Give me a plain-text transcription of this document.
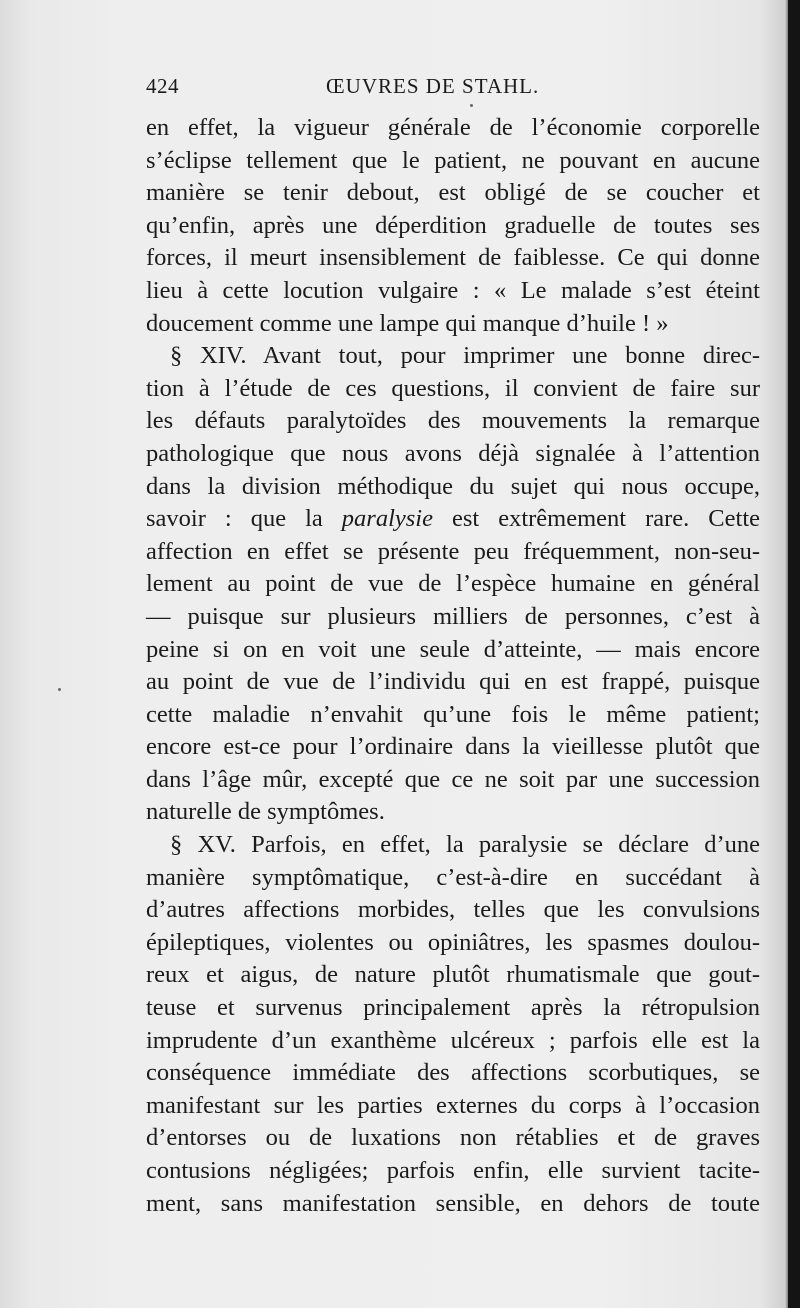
424	ŒUVRES DE STAHL.
en effet, la vigueur générale de l’économie corporelle
s’éclipse tellement que le patient, ne pouvant en aucune
manière se tenir debout, est obligé de se coucher et
qu’enfin, après une déperdition graduelle de toutes ses
forces, il meurt insensiblement de faiblesse. Ce qui donne
lieu à cette locution vulgaire : « Le malade s’est éteint
doucement comme une lampe qui manque d’huile ! »
§ XIV. Avant tout, pour imprimer une bonne direc-
tion à l’étude de ces questions, il convient de faire sur
les défauts paralytoïdes des mouvements la remarque
pathologique que nous avons déjà signalée à l’attention
dans la division méthodique du sujet qui nous occupe,
savoir : que la paralysie est extrêmement rare. Cette
affection en effet se présente peu fréquemment, non-seu-
lement au point de vue de l’espèce humaine en général
— puisque sur plusieurs milliers de personnes, c’est à
peine si on en voit une seule d’atteinte, — mais encore
au point de vue de l’individu qui en est frappé, puisque
cette maladie n’envahit qu’une fois le même patient;
encore est-ce pour l’ordinaire dans la vieillesse plutôt que
dans l’âge mûr, excepté que ce ne soit par une succession
naturelle de symptômes.
§ XV. Parfois, en effet, la paralysie se déclare d’une
manière symptômatique, c’est-à-dire en succédant à
d’autres affections morbides, telles que les convulsions
épileptiques, violentes ou opiniâtres, les spasmes doulou-
reux et aigus, de nature plutôt rhumatismale que gout-
teuse et survenus principalement après la rétropulsion
imprudente d’un exanthème ulcéreux ; parfois elle est la
conséquence immédiate des affections scorbutiques, se
manifestant sur les parties externes du corps à l’occasion
d’entorses ou de luxations non rétablies et de graves
contusions négligées; parfois enfin, elle survient tacite-
ment, sans manifestation sensible, en dehors de toute
